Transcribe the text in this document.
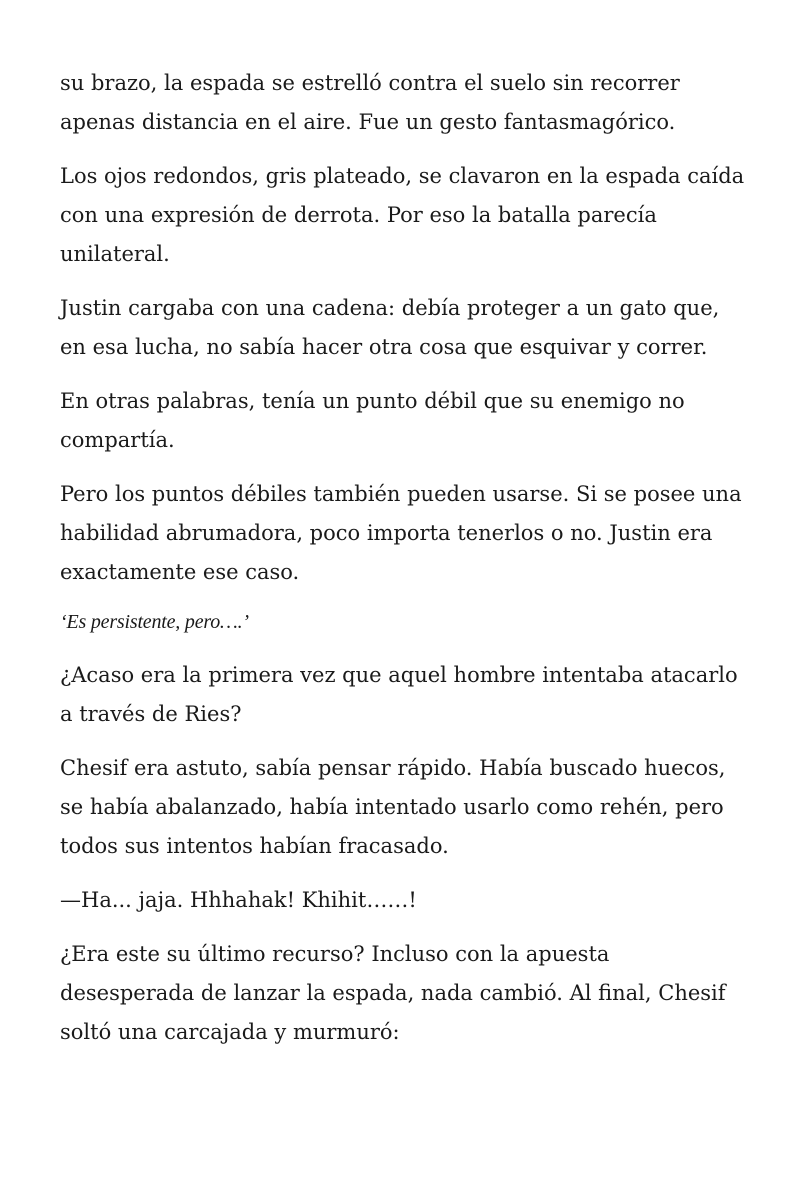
su brazo, la espada se estrelló contra el suelo sin recorrer apenas distancia en el aire. Fue un gesto fantasmagórico.

Los ojos redondos, gris plateado, se clavaron en la espada caída con una expresión de derrota. Por eso la batalla parecía unilateral.

Justin cargaba con una cadena: debía proteger a un gato que, en esa lucha, no sabía hacer otra cosa que esquivar y correr.

En otras palabras, tenía un punto débil que su enemigo no compartía.

Pero los puntos débiles también pueden usarse. Si se posee una habilidad abrumadora, poco importa tenerlos o no. Justin era exactamente ese caso.

‘Es persistente, pero….’

¿Acaso era la primera vez que aquel hombre intentaba atacarlo a través de Ries?

Chesif era astuto, sabía pensar rápido. Había buscado huecos, se había abalanzado, había intentado usarlo como rehén, pero todos sus intentos habían fracasado.

—Ha... jaja. Hhhahak! Khihit……!

¿Era este su último recurso? Incluso con la apuesta desesperada de lanzar la espada, nada cambió. Al final, Chesif soltó una carcajada y murmuró:
